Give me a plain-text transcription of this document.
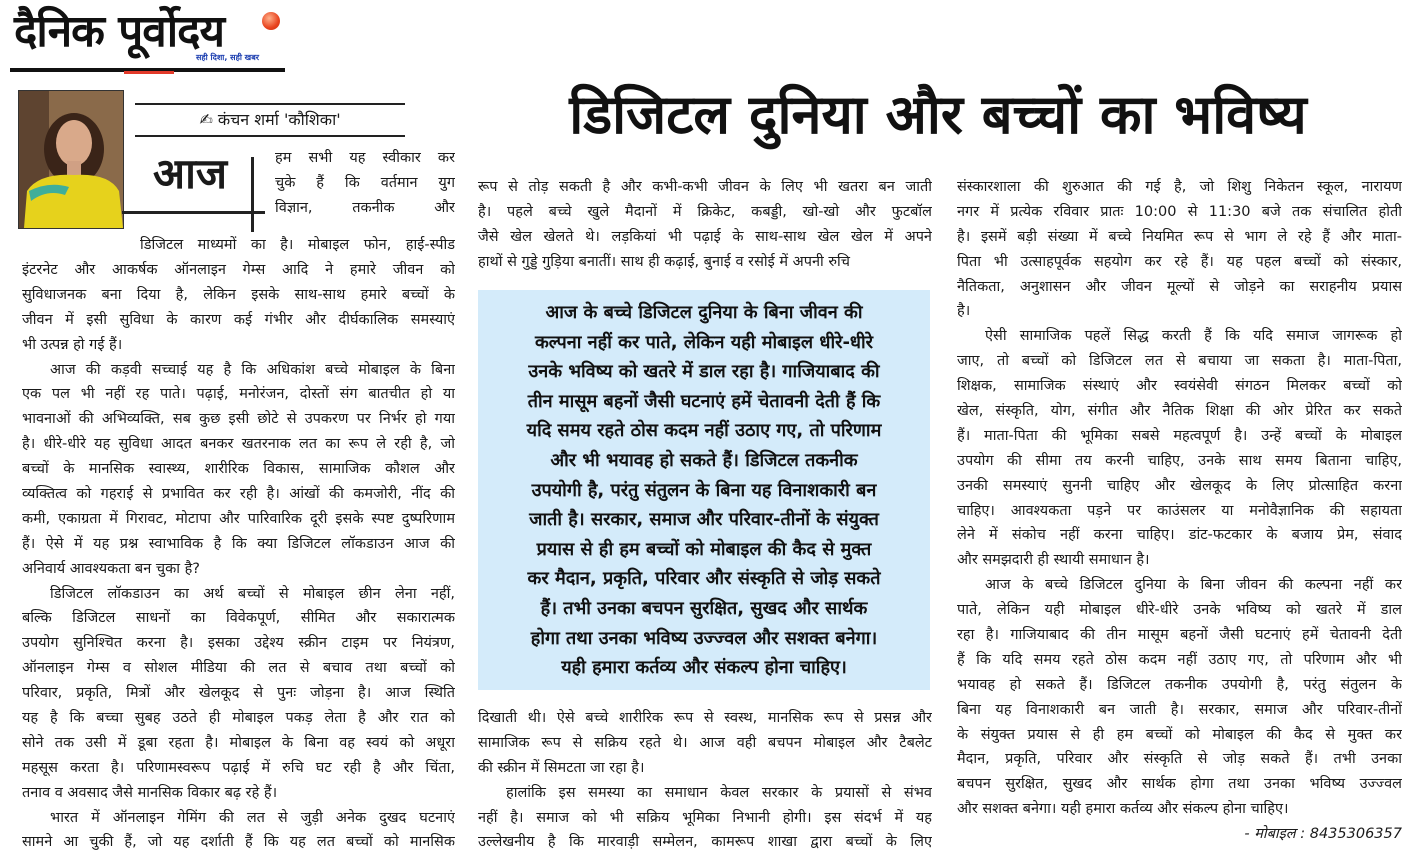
दैनिक पूर्वोदय
सही दिशा, सही खबर
✍ कंचन शर्मा 'कौशिका'
आज
डिजिटल दुनिया और बच्चों का भविष्य
हम सभी यह स्वीकार कर
चुके हैं कि वर्तमान युग
विज्ञान, तकनीक और
डिजिटल माध्यमों का है। मोबाइल फोन, हाई-स्पीड
इंटरनेट और आकर्षक ऑनलाइन गेम्स आदि ने हमारे जीवन को
सुविधाजनक बना दिया है, लेकिन इसके साथ-साथ हमारे बच्चों के
जीवन में इसी सुविधा के कारण कई गंभीर और दीर्घकालिक समस्याएं
भी उत्पन्न हो गई हैं।
आज की कड़वी सच्चाई यह है कि अधिकांश बच्चे मोबाइल के बिना
एक पल भी नहीं रह पाते। पढ़ाई, मनोरंजन, दोस्तों संग बातचीत हो या
भावनाओं की अभिव्यक्ति, सब कुछ इसी छोटे से उपकरण पर निर्भर हो गया
है। धीरे-धीरे यह सुविधा आदत बनकर खतरनाक लत का रूप ले रही है, जो
बच्चों के मानसिक स्वास्थ्य, शारीरिक विकास, सामाजिक कौशल और
व्यक्तित्व को गहराई से प्रभावित कर रही है। आंखों की कमजोरी, नींद की
कमी, एकाग्रता में गिरावट, मोटापा और पारिवारिक दूरी इसके स्पष्ट दुष्परिणाम
हैं। ऐसे में यह प्रश्न स्वाभाविक है कि क्या डिजिटल लॉकडाउन आज की
अनिवार्य आवश्यकता बन चुका है?
डिजिटल लॉकडाउन का अर्थ बच्चों से मोबाइल छीन लेना नहीं,
बल्कि डिजिटल साधनों का विवेकपूर्ण, सीमित और सकारात्मक
उपयोग सुनिश्चित करना है। इसका उद्देश्य स्क्रीन टाइम पर नियंत्रण,
ऑनलाइन गेम्स व सोशल मीडिया की लत से बचाव तथा बच्चों को
परिवार, प्रकृति, मित्रों और खेलकूद से पुनः जोड़ना है। आज स्थिति
यह है कि बच्चा सुबह उठते ही मोबाइल पकड़ लेता है और रात को
सोने तक उसी में डूबा रहता है। मोबाइल के बिना वह स्वयं को अधूरा
महसूस करता है। परिणामस्वरूप पढ़ाई में रुचि घट रही है और चिंता,
तनाव व अवसाद जैसे मानसिक विकार बढ़ रहे हैं।
भारत में ऑनलाइन गेमिंग की लत से जुड़ी अनेक दुखद घटनाएं
सामने आ चुकी हैं, जो यह दर्शाती हैं कि यह लत बच्चों को मानसिक
रूप से तोड़ सकती है और कभी-कभी जीवन के लिए भी खतरा बन जाती
है। पहले बच्चे खुले मैदानों में क्रिकेट, कबड्डी, खो-खो और फुटबॉल
जैसे खेल खेलते थे। लड़कियां भी पढ़ाई के साथ-साथ खेल खेल में अपने
हाथों से गुड्डे गुड़िया बनातीं। साथ ही कढ़ाई, बुनाई व रसोई में अपनी रुचि
आज के बच्चे डिजिटल दुनिया के बिना जीवन की
कल्पना नहीं कर पाते, लेकिन यही मोबाइल धीरे-धीरे
उनके भविष्य को खतरे में डाल रहा है। गाजियाबाद की
तीन मासूम बहनों जैसी घटनाएं हमें चेतावनी देती हैं कि
यदि समय रहते ठोस कदम नहीं उठाए गए, तो परिणाम
और भी भयावह हो सकते हैं। डिजिटल तकनीक
उपयोगी है, परंतु संतुलन के बिना यह विनाशकारी बन
जाती है। सरकार, समाज और परिवार-तीनों के संयुक्त
प्रयास से ही हम बच्चों को मोबाइल की कैद से मुक्त
कर मैदान, प्रकृति, परिवार और संस्कृति से जोड़ सकते
हैं। तभी उनका बचपन सुरक्षित, सुखद और सार्थक
होगा तथा उनका भविष्य उज्ज्वल और सशक्त बनेगा।
यही हमारा कर्तव्य और संकल्प होना चाहिए।
दिखाती थी। ऐसे बच्चे शारीरिक रूप से स्वस्थ, मानसिक रूप से प्रसन्न और
सामाजिक रूप से सक्रिय रहते थे। आज वही बचपन मोबाइल और टैबलेट
की स्क्रीन में सिमटता जा रहा है।
हालांकि इस समस्या का समाधान केवल सरकार के प्रयासों से संभव
नहीं है। समाज को भी सक्रिय भूमिका निभानी होगी। इस संदर्भ में यह
उल्लेखनीय है कि मारवाड़ी सम्मेलन, कामरूप शाखा द्वारा बच्चों के लिए
संस्कारशाला की शुरुआत की गई है, जो शिशु निकेतन स्कूल, नारायण
नगर में प्रत्येक रविवार प्रातः 10:00 से 11:30 बजे तक संचालित होती
है। इसमें बड़ी संख्या में बच्चे नियमित रूप से भाग ले रहे हैं और माता-
पिता भी उत्साहपूर्वक सहयोग कर रहे हैं। यह पहल बच्चों को संस्कार,
नैतिकता, अनुशासन और जीवन मूल्यों से जोड़ने का सराहनीय प्रयास
है।
ऐसी सामाजिक पहलें सिद्ध करती हैं कि यदि समाज जागरूक हो
जाए, तो बच्चों को डिजिटल लत से बचाया जा सकता है। माता-पिता,
शिक्षक, सामाजिक संस्थाएं और स्वयंसेवी संगठन मिलकर बच्चों को
खेल, संस्कृति, योग, संगीत और नैतिक शिक्षा की ओर प्रेरित कर सकते
हैं। माता-पिता की भूमिका सबसे महत्वपूर्ण है। उन्हें बच्चों के मोबाइल
उपयोग की सीमा तय करनी चाहिए, उनके साथ समय बिताना चाहिए,
उनकी समस्याएं सुननी चाहिए और खेलकूद के लिए प्रोत्साहित करना
चाहिए। आवश्यकता पड़ने पर काउंसलर या मनोवैज्ञानिक की सहायता
लेने में संकोच नहीं करना चाहिए। डांट-फटकार के बजाय प्रेम, संवाद
और समझदारी ही स्थायी समाधान है।
आज के बच्चे डिजिटल दुनिया के बिना जीवन की कल्पना नहीं कर
पाते, लेकिन यही मोबाइल धीरे-धीरे उनके भविष्य को खतरे में डाल
रहा है। गाजियाबाद की तीन मासूम बहनों जैसी घटनाएं हमें चेतावनी देती
हैं कि यदि समय रहते ठोस कदम नहीं उठाए गए, तो परिणाम और भी
भयावह हो सकते हैं। डिजिटल तकनीक उपयोगी है, परंतु संतुलन के
बिना यह विनाशकारी बन जाती है। सरकार, समाज और परिवार-तीनों
के संयुक्त प्रयास से ही हम बच्चों को मोबाइल की कैद से मुक्त कर
मैदान, प्रकृति, परिवार और संस्कृति से जोड़ सकते हैं। तभी उनका
बचपन सुरक्षित, सुखद और सार्थक होगा तथा उनका भविष्य उज्ज्वल
और सशक्त बनेगा। यही हमारा कर्तव्य और संकल्प होना चाहिए।
- मोबाइल : 8435306357
